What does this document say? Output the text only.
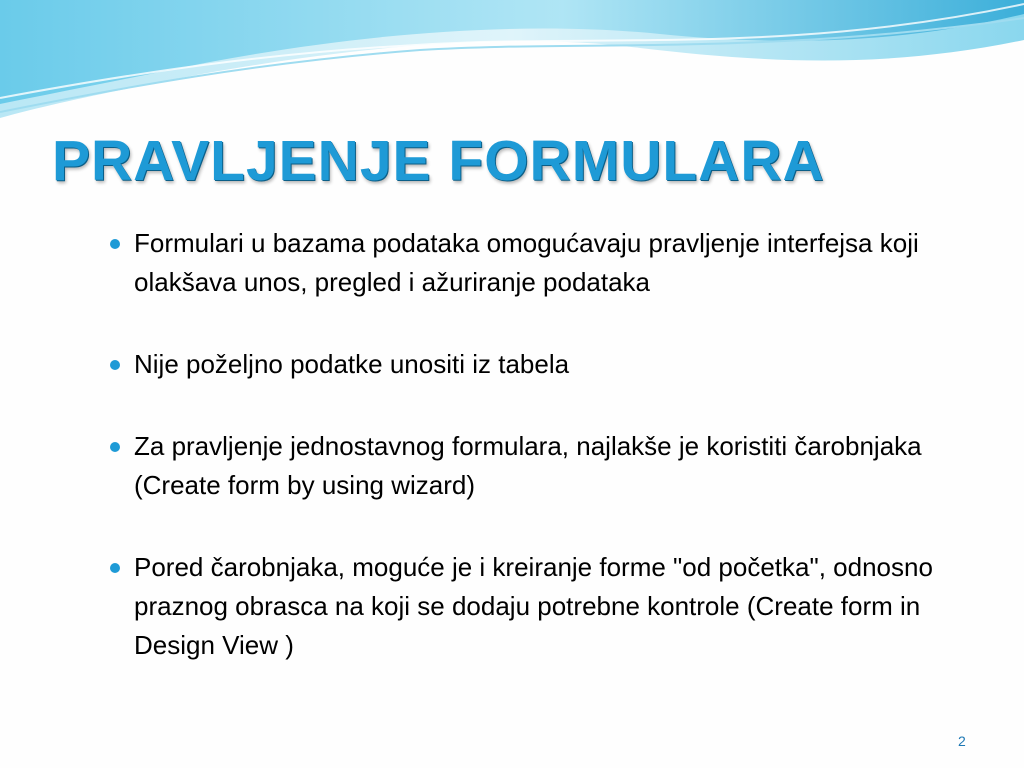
PRAVLJENJE FORMULARA
Formulari u bazama podataka omogućavaju pravljenje interfejsa koji olakšava unos, pregled i ažuriranje podataka
Nije poželjno podatke unositi iz tabela
Za pravljenje jednostavnog formulara, najlakše je koristiti čarobnjaka (Create form by using wizard)
Pored čarobnjaka, moguće je i kreiranje forme "od početka", odnosno praznog obrasca na koji se dodaju potrebne kontrole (Create form in Design View )
2
